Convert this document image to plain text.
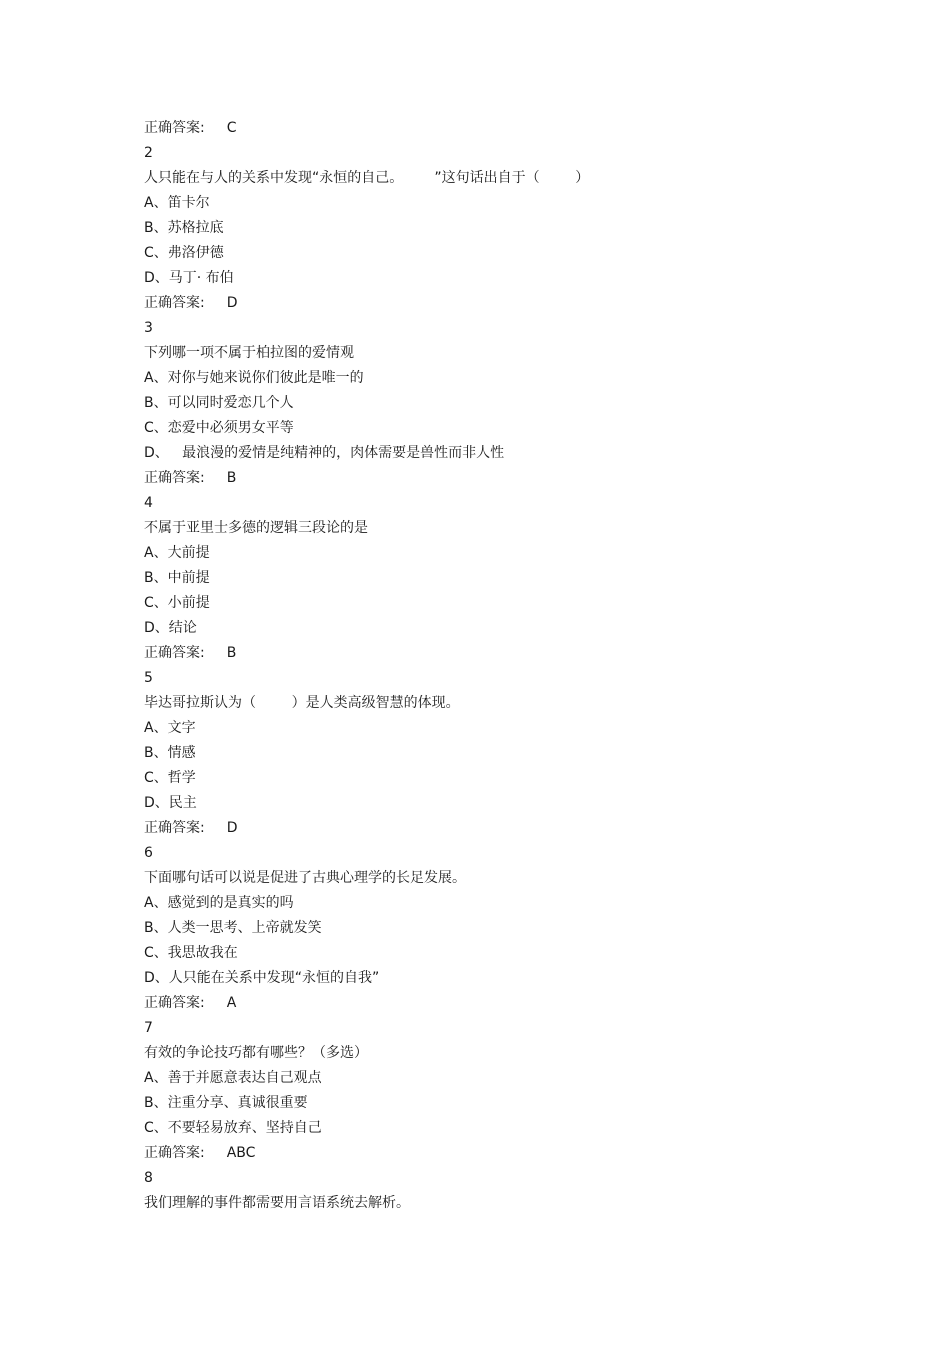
正确答案: C
2
人只能在与人的关系中发现“永恒的自己。       ”这句话出自于（        ）
A、笛卡尔
B、苏格拉底
C、弗洛伊德
D、马丁· 布伯
正确答案: D
3
下列哪一项不属于柏拉图的爱情观
A、对你与她来说你们彼此是唯一的
B、可以同时爱恋几个人
C、恋爱中必须男女平等
D、   最浪漫的爱情是纯精神的，肉体需要是兽性而非人性
正确答案: B
4
不属于亚里士多德的逻辑三段论的是
A、大前提
B、中前提
C、小前提
D、结论
正确答案: B
5
毕达哥拉斯认为（        ）是人类高级智慧的体现。
A、文字
B、情感
C、哲学
D、民主
正确答案: D
6
下面哪句话可以说是促进了古典心理学的长足发展。
A、感觉到的是真实的吗
B、人类一思考、上帝就发笑
C、我思故我在
D、人只能在关系中发现“永恒的自我”
正确答案: A
7
有效的争论技巧都有哪些？（多选）
A、善于并愿意表达自己观点
B、注重分享、真诚很重要
C、不要轻易放弃、坚持自己
正确答案: ABC
8
我们理解的事件都需要用言语系统去解析。
